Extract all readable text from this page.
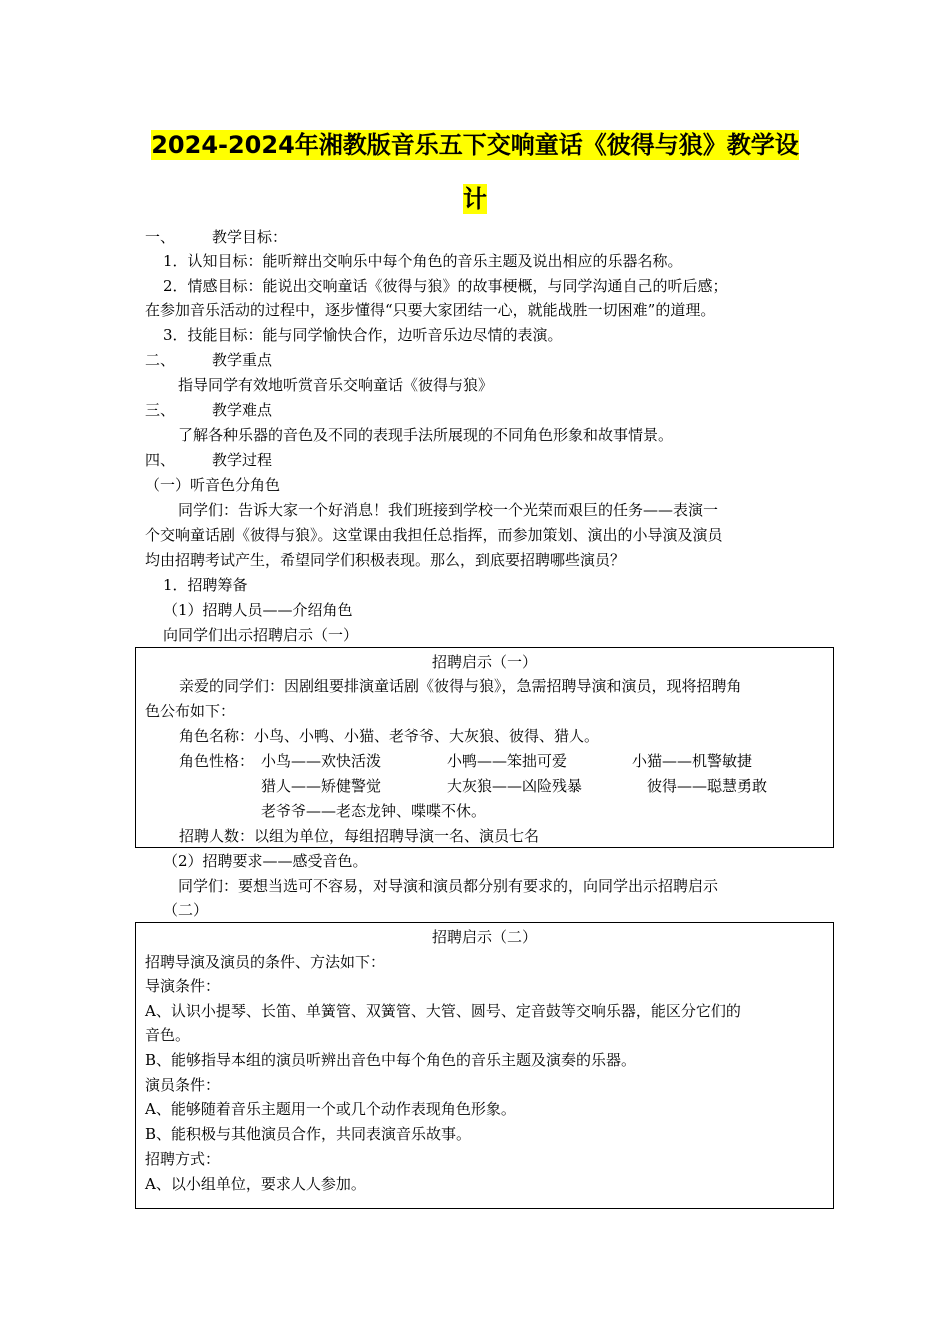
2024-2024年湘教版音乐五下交响童话《彼得与狼》教学设
计
一、 教学目标：
1．认知目标：能听辩出交响乐中每个角色的音乐主题及说出相应的乐器名称。
2．情感目标：能说出交响童话《彼得与狼》的故事梗概，与同学沟通自己的听后感；
在参加音乐活动的过程中，逐步懂得“只要大家团结一心，就能战胜一切困难”的道理。
3．技能目标：能与同学愉快合作，边听音乐边尽情的表演。
二、 教学重点
指导同学有效地听赏音乐交响童话《彼得与狼》
三、 教学难点
了解各种乐器的音色及不同的表现手法所展现的不同角色形象和故事情景。
四、 教学过程
（一）听音色分角色
同学们：告诉大家一个好消息！我们班接到学校一个光荣而艰巨的任务——表演一
个交响童话剧《彼得与狼》。这堂课由我担任总指挥，而参加策划、演出的小导演及演员
均由招聘考试产生，希望同学们积极表现。那么，到底要招聘哪些演员？
1．招聘筹备
（1）招聘人员——介绍角色
向同学们出示招聘启示（一）
招聘启示（一）
亲爱的同学们：因剧组要排演童话剧《彼得与狼》，急需招聘导演和演员，现将招聘角
色公布如下：
角色名称：小鸟、小鸭、小猫、老爷爷、大灰狼、彼得、猎人。
角色性格： 小鸟——欢快活泼	小鸭——笨拙可爱	小猫——机警敏捷
猎人——矫健警觉	大灰狼——凶险残暴	彼得——聪慧勇敢
老爷爷——老态龙钟、喋喋不休。
招聘人数：以组为单位，每组招聘导演一名、演员七名
（2）招聘要求——感受音色。
同学们：要想当选可不容易，对导演和演员都分别有要求的，向同学出示招聘启示
（二）
招聘启示（二）
招聘导演及演员的条件、方法如下：
导演条件：
A、认识小提琴、长笛、单簧管、双簧管、大管、圆号、定音鼓等交响乐器，能区分它们的
音色。
B、能够指导本组的演员听辨出音色中每个角色的音乐主题及演奏的乐器。
演员条件：
A、能够随着音乐主题用一个或几个动作表现角色形象。
B、能积极与其他演员合作，共同表演音乐故事。
招聘方式：
A、以小组单位，要求人人参加。
